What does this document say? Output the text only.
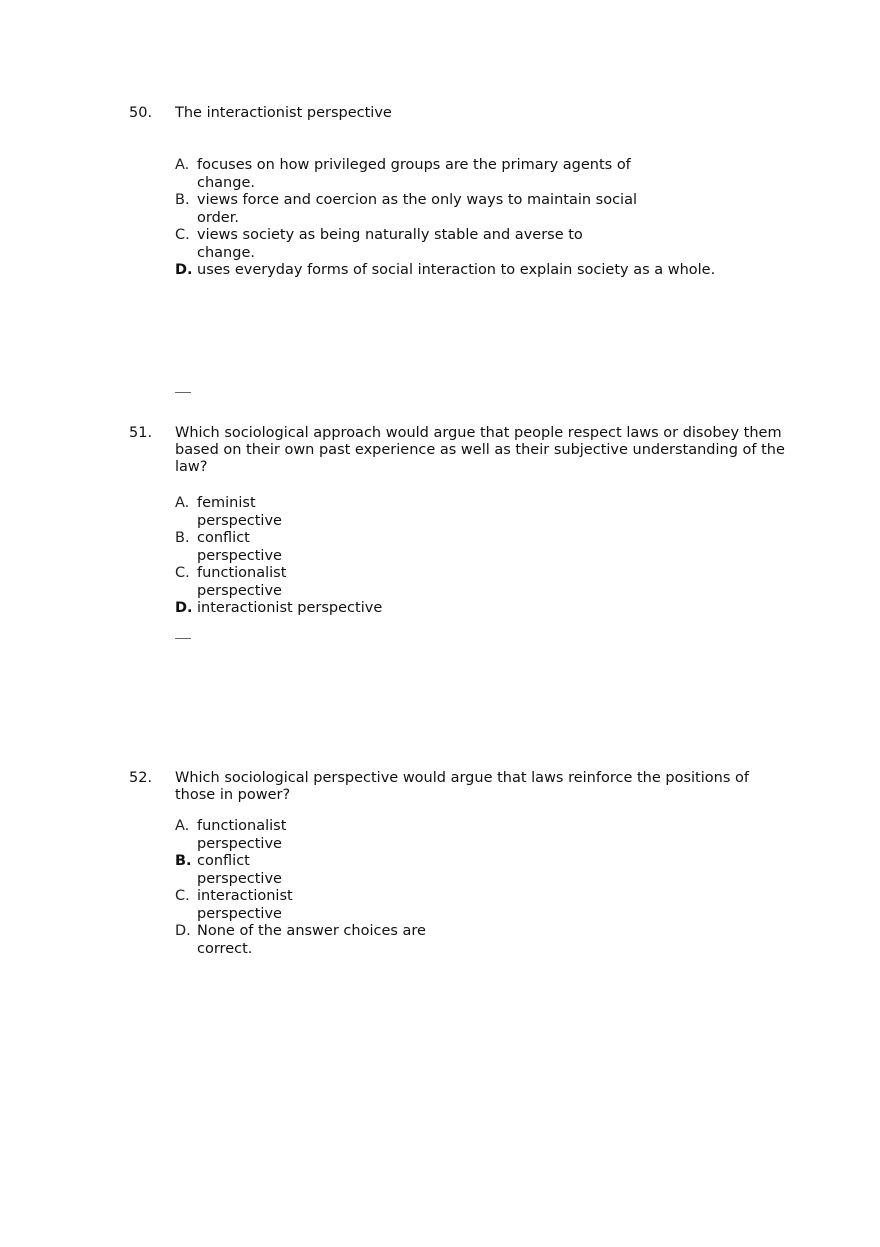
50. The interactionist perspective
A. focuses on how privileged groups are the primary agents of change.
B. views force and coercion as the only ways to maintain social order.
C. views society as being naturally stable and averse to change.
D. uses everyday forms of social interaction to explain society as a whole.
51. Which sociological approach would argue that people respect laws or disobey them based on their own past experience as well as their subjective understanding of the law?
A. feminist perspective
B. conflict perspective
C. functionalist perspective
D. interactionist perspective
52. Which sociological perspective would argue that laws reinforce the positions of those in power?
A. functionalist perspective
B. conflict perspective
C. interactionist perspective
D. None of the answer choices are correct.
